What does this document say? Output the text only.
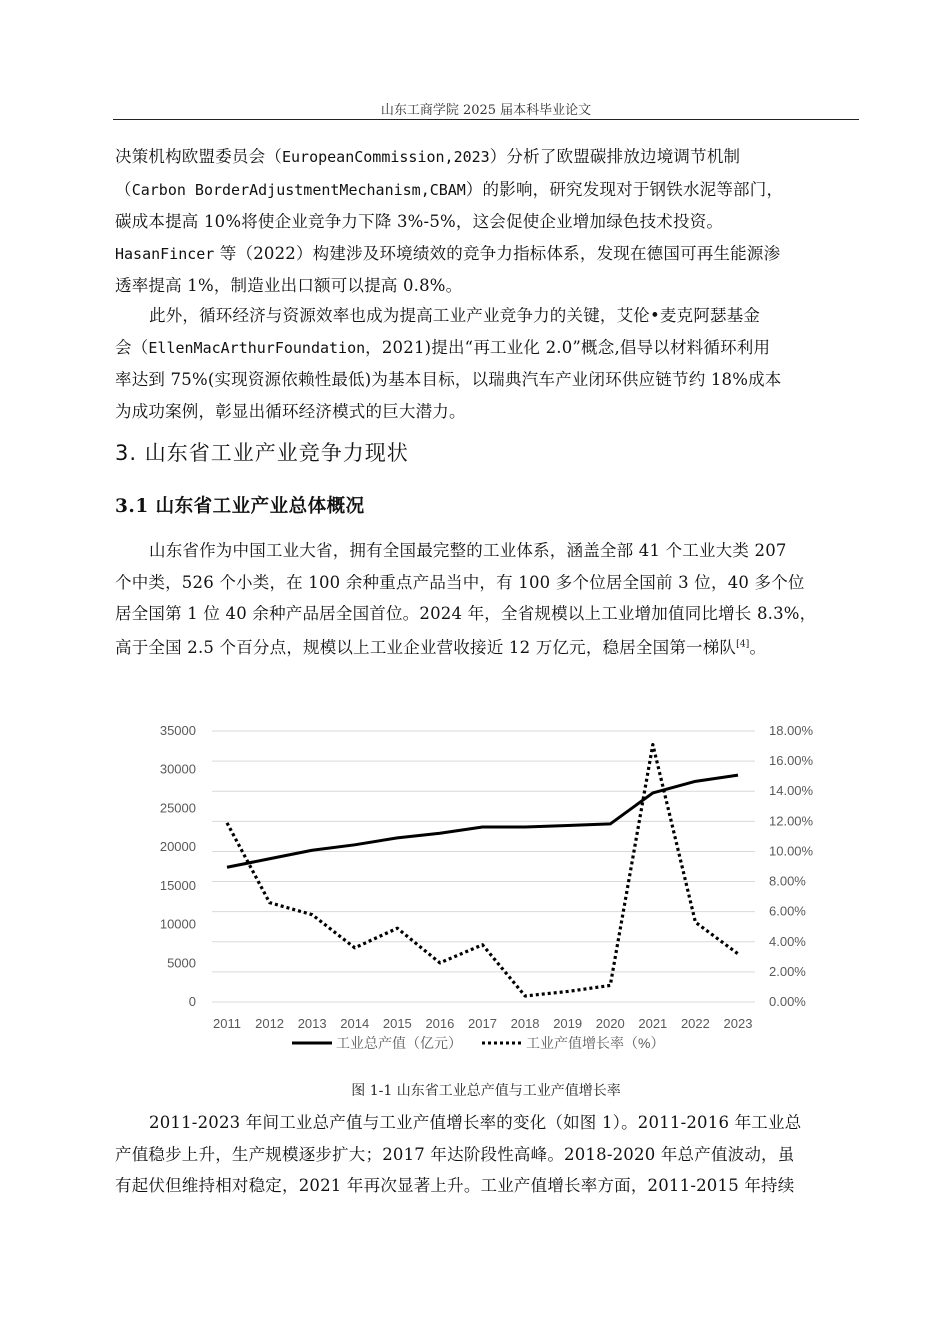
山东工商学院 2025 届本科毕业论文

决策机构欧盟委员会（EuropeanCommission,2023）分析了欧盟碳排放边境调节机制
（Carbon BorderAdjustmentMechanism,CBAM）的影响，研究发现对于钢铁水泥等部门，
碳成本提高 10%将使企业竞争力下降 3%-5%，这会促使企业增加绿色技术投资。
HasanFincer 等（2022）构建涉及环境绩效的竞争力指标体系，发现在德国可再生能源渗
透率提高 1%，制造业出口额可以提高 0.8%。

此外，循环经济与资源效率也成为提高工业产业竞争力的关键，艾伦•麦克阿瑟基金
会（EllenMacArthurFoundation，2021)提出“再工业化 2.0”概念,倡导以材料循环利用
率达到 75%(实现资源依赖性最低)为基本目标，以瑞典汽车产业闭环供应链节约 18%成本
为成功案例，彰显出循环经济模式的巨大潜力。

3. 山东省工业产业竞争力现状
3.1 山东省工业产业总体概况

山东省作为中国工业大省，拥有全国最完整的工业体系，涵盖全部 41 个工业大类 207
个中类，526 个小类，在 100 余种重点产品当中，有 100 多个位居全国前 3 位，40 多个位
居全国第 1 位 40 余种产品居全国首位。2024 年，全省规模以上工业增加值同比增长 8.3%，
高于全国 2.5 个百分点，规模以上工业企业营收接近 12 万亿元，稳居全国第一梯队[4]。

0
5000
10000
15000
20000
25000
30000
35000
0.00%
2.00%
4.00%
6.00%
8.00%
10.00%
12.00%
14.00%
16.00%
18.00%
2011 2012 2013 2014 2015 2016 2017 2018 2019 2020 2021 2022 2023
工业总产值（亿元）	工业产值增长率（%）
图 1-1 山东省工业总产值与工业产值增长率

2011-2023 年间工业总产值与工业产值增长率的变化（如图 1）。2011-2016 年工业总
产值稳步上升，生产规模逐步扩大；2017 年达阶段性高峰。2018-2020 年总产值波动，虽
有起伏但维持相对稳定，2021 年再次显著上升。工业产值增长率方面，2011-2015 年持续
